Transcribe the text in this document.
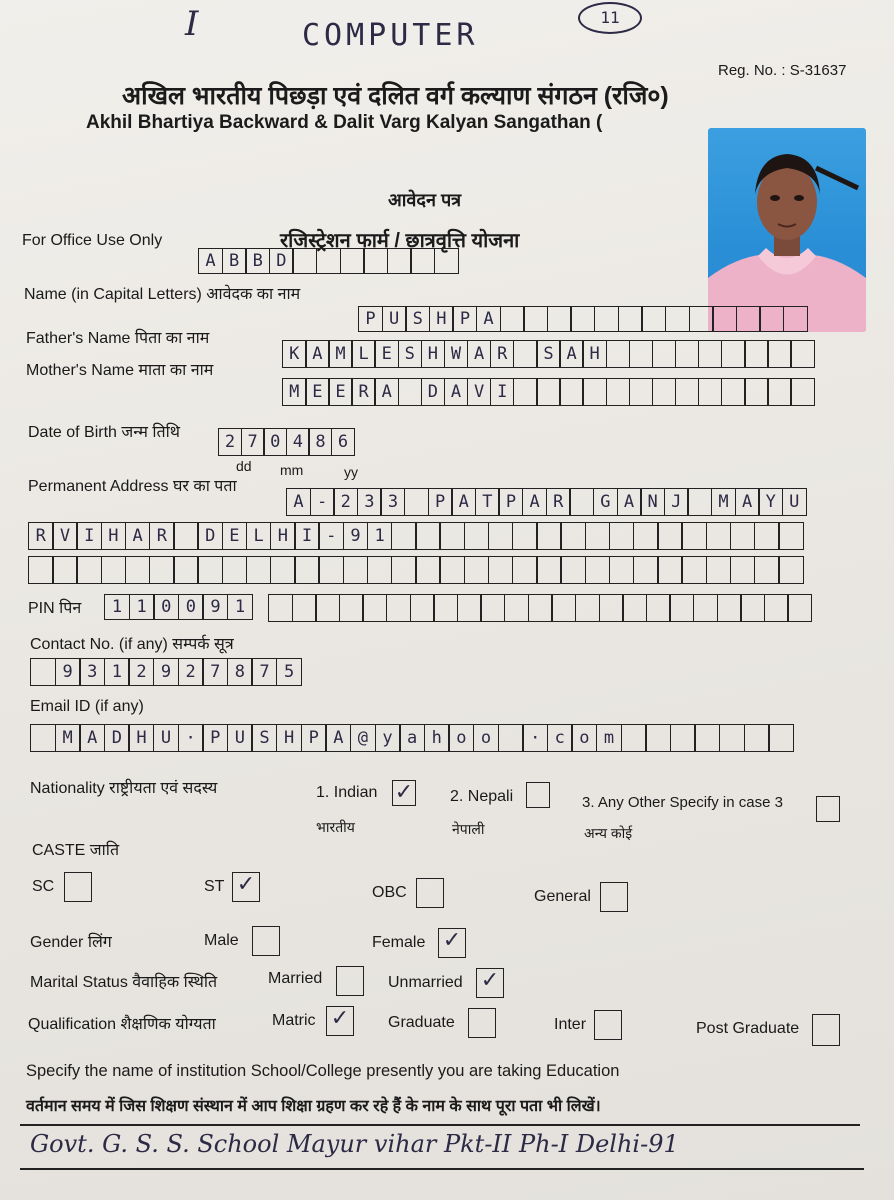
I	COMPUTER
11
Reg. No. : S-31637
अखिल भारतीय पिछड़ा एवं दलित वर्ग कल्याण संगठन (रजि०)
Akhil Bhartiya Backward & Dalit Varg Kalyan Sangathan (
आवेदन पत्र
रजिस्ट्रेशन फार्म / छात्रवृत्ति योजना
For Office Use Only
A B B D
Name (in Capital Letters) आवेदक का नाम
P U S H P A
Father's Name पिता का नाम
K A M L E S H W A R	S A H
Mother's Name माता का नाम
M E E R A	D A V I
Date of Birth जन्म तिथि	2 7 0 4 8 6
dd mm	yy
Permanent Address घर का पता
A - 2 3 3	P A T P A R	G A N J	M A Y U
R V I H A R	D E L H I - 9 1
PIN पिन	1 1 0 0 9 1
Contact No. (if any) सम्पर्क सूत्र
9 3 1 2 9 2 7 8 7 5
Email ID (if any)
M A D H U · P U S H P A @ y a h o o	· c o m
Nationality राष्ट्रीयता एवं सदस्य	1. Indian ✓
भारतीय
2. Nepali
नेपाली
3. Any Other Specify in case 3
अन्य कोई
CASTE जाति
SC	ST ✓	OBC	General
Gender लिंग	Male	Female ✓
Marital Status वैवाहिक स्थिति	Married	Unmarried ✓
Qualification शैक्षणिक योग्यता	Matric ✓ Graduate	Inter	Post Graduate
Specify the name of institution School/College presently you are taking Education
वर्तमान समय में जिस शिक्षण संस्थान में आप शिक्षा ग्रहण कर रहे हैं के नाम के साथ पूरा पता भी लिखें।
Govt. G. S. S. School Mayur vihar Pkt-II Ph-I Delhi-91
